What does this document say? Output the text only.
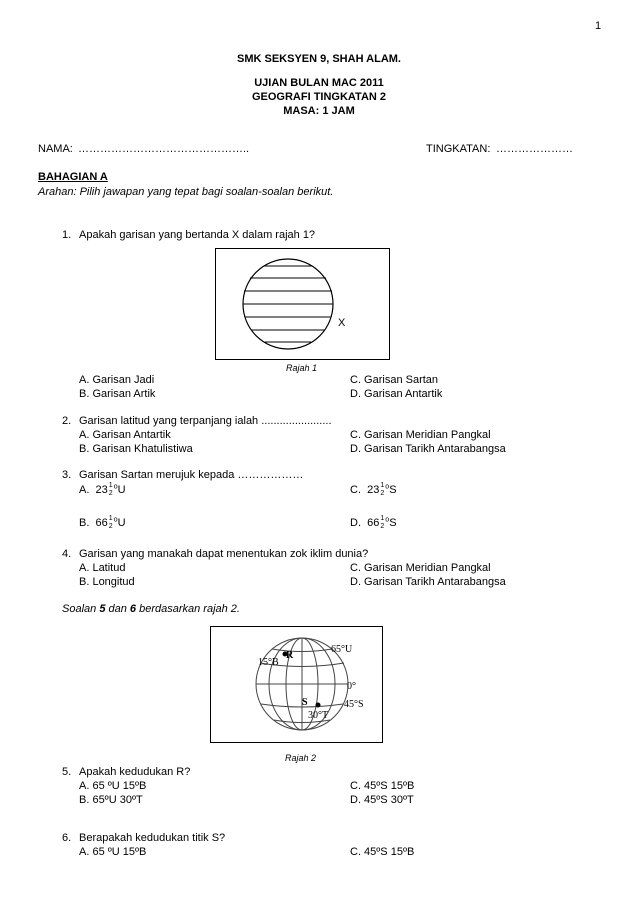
1
SMK SEKSYEN 9, SHAH ALAM.
UJIAN BULAN MAC 2011
GEOGRAFI TINGKATAN 2
MASA: 1 JAM
NAMA: ………………………………………..	TINGKATAN: …………………
BAHAGIAN A
Arahan: Pilih jawapan yang tepat bagi soalan-soalan berikut.
1. Apakah garisan yang bertanda X dalam rajah 1?
X
Rajah 1
A. Garisan Jadi
B. Garisan Artik
C. Garisan Sartan
D. Garisan Antartik
2. Garisan latitud yang terpanjang ialah .......................
A. Garisan Antartik
B. Garisan Khatulistiwa
C. Garisan Meridian Pangkal
D. Garisan Tarikh Antarabangsa
3. Garisan Sartan merujuk kepada ………………
A. 23 1
2
$^o$U	C. 23 1
2
$^o$S
B. 66 1
2
$^o$U	D. 66 1
2
$^o$S
4. Garisan yang manakah dapat menentukan zok iklim dunia?
A. Latitud
B. Longitud
C. Garisan Meridian Pangkal
D. Garisan Tarikh Antarabangsa
Soalan 5 dan 6 berdasarkan rajah 2.
65°U
15°B
R
0°
S	45°S
30°T
Rajah 2
5. Apakah kedudukan R?
A. 65 ºU 15ºB
B. 65ºU 30ºT
C. 45ºS 15ºB
D. 45ºS 30ºT
6. Berapakah kedudukan titik S?
A. 65 ºU 15ºB	C. 45ºS 15ºB
